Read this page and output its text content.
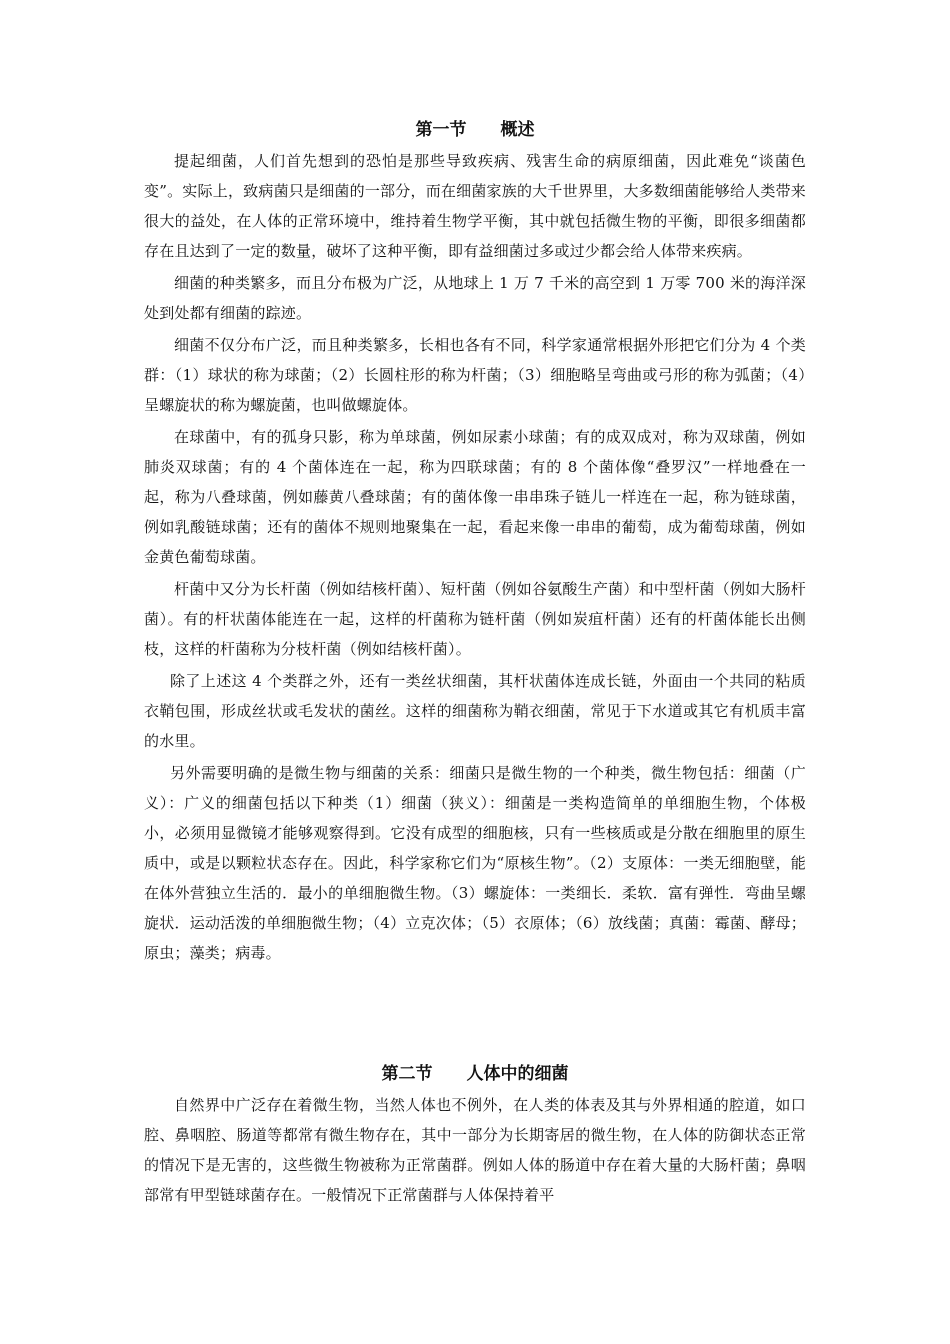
第一节　　概述

提起细菌，人们首先想到的恐怕是那些导致疾病、残害生命的病原细菌，因此难免“谈菌色变”。实际上，致病菌只是细菌的一部分，而在细菌家族的大千世界里，大多数细菌能够给人类带来很大的益处，在人体的正常环境中，维持着生物学平衡，其中就包括微生物的平衡，即很多细菌都存在且达到了一定的数量，破坏了这种平衡，即有益细菌过多或过少都会给人体带来疾病。

细菌的种类繁多，而且分布极为广泛，从地球上 1 万 7 千米的高空到 1 万零 700 米的海洋深处到处都有细菌的踪迹。

细菌不仅分布广泛，而且种类繁多，长相也各有不同，科学家通常根据外形把它们分为 4 个类群：（1）球状的称为球菌；（2）长圆柱形的称为杆菌；（3）细胞略呈弯曲或弓形的称为弧菌；（4）呈螺旋状的称为螺旋菌，也叫做螺旋体。

在球菌中，有的孤身只影，称为单球菌，例如尿素小球菌；有的成双成对，称为双球菌，例如肺炎双球菌；有的 4 个菌体连在一起，称为四联球菌；有的 8 个菌体像“叠罗汉”一样地叠在一起，称为八叠球菌，例如藤黄八叠球菌；有的菌体像一串串珠子链儿一样连在一起，称为链球菌，例如乳酸链球菌；还有的菌体不规则地聚集在一起，看起来像一串串的葡萄，成为葡萄球菌，例如金黄色葡萄球菌。

杆菌中又分为长杆菌（例如结核杆菌）、短杆菌（例如谷氨酸生产菌）和中型杆菌（例如大肠杆菌）。有的杆状菌体能连在一起，这样的杆菌称为链杆菌（例如炭疽杆菌）还有的杆菌体能长出侧枝，这样的杆菌称为分枝杆菌（例如结核杆菌）。

除了上述这 4 个类群之外，还有一类丝状细菌，其杆状菌体连成长链，外面由一个共同的粘质衣鞘包围，形成丝状或毛发状的菌丝。这样的细菌称为鞘衣细菌，常见于下水道或其它有机质丰富的水里。

另外需要明确的是微生物与细菌的关系：细菌只是微生物的一个种类，微生物包括：细菌（广义）：广义的细菌包括以下种类（1）细菌（狭义）：细菌是一类构造简单的单细胞生物，个体极小，必须用显微镜才能够观察得到。它没有成型的细胞核，只有一些核质或是分散在细胞里的原生质中，或是以颗粒状态存在。因此，科学家称它们为“原核生物”。（2）支原体：一类无细胞壁，能在体外营独立生活的．最小的单细胞微生物。（3）螺旋体：一类细长．柔软．富有弹性．弯曲呈螺旋状．运动活泼的单细胞微生物；（4）立克次体；（5）衣原体；（6）放线菌；真菌：霉菌、酵母；原虫；藻类；病毒。

第二节　　人体中的细菌

自然界中广泛存在着微生物，当然人体也不例外，在人类的体表及其与外界相通的腔道，如口腔、鼻咽腔、肠道等都常有微生物存在，其中一部分为长期寄居的微生物，在人体的防御状态正常的情况下是无害的，这些微生物被称为正常菌群。例如人体的肠道中存在着大量的大肠杆菌；鼻咽部常有甲型链球菌存在。一般情况下正常菌群与人体保持着平
